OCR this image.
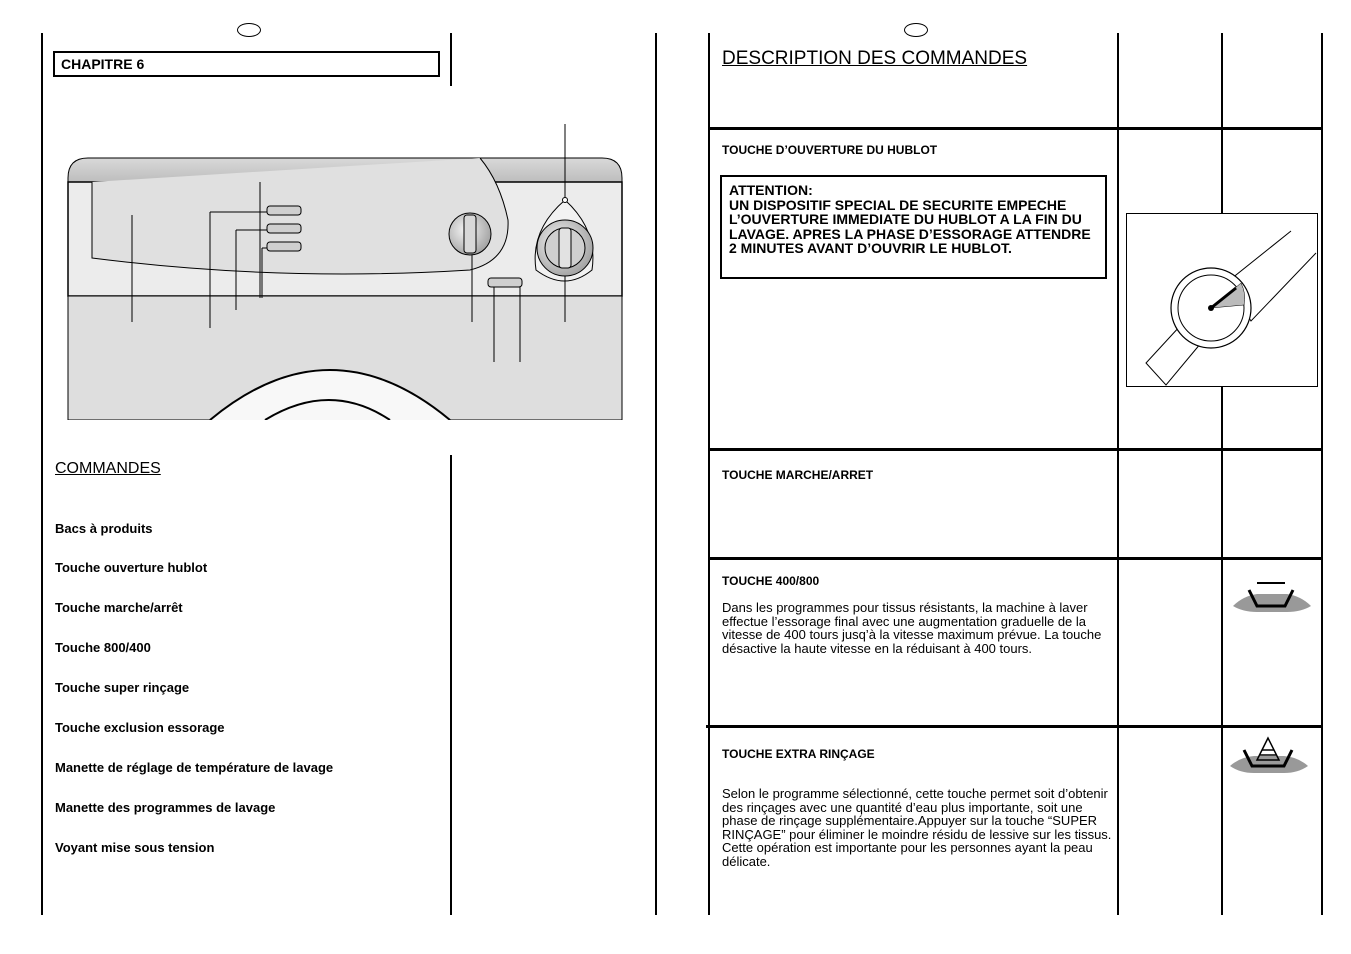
CHAPITRE 6
COMMANDES
Bacs à produits
Touche ouverture hublot
Touche marche/arrêt
Touche 800/400
Touche super rinçage
Touche exclusion essorage
Manette de réglage de température de lavage
Manette des programmes de lavage
Voyant mise sous tension
DESCRIPTION DES COMMANDES
TOUCHE D’OUVERTURE DU HUBLOT
ATTENTION:
UN DISPOSITIF SPECIAL DE SECURITE EMPECHE L’OUVERTURE IMMEDIATE DU HUBLOT A LA FIN DU LAVAGE. APRES LA PHASE D’ESSORAGE ATTENDRE 2 MINUTES AVANT D’OUVRIR LE HUBLOT.
TOUCHE MARCHE/ARRET
TOUCHE 400/800
Dans les programmes pour tissus résistants, la machine à laver effectue l’essorage final avec une augmentation graduelle de la vitesse de 400 tours jusq’à la vitesse maximum prévue. La touche désactive la haute vitesse en la réduisant à 400 tours.
TOUCHE EXTRA RINÇAGE
Selon le programme sélectionné, cette touche permet soit d’obtenir des rinçages avec une quantité d’eau plus importante, soit une phase de rinçage supplémentaire.Appuyer sur la touche “SUPER RINÇAGE” pour éliminer le moindre résidu de lessive sur les tissus. Cette opération est importante pour les personnes ayant la peau délicate.
